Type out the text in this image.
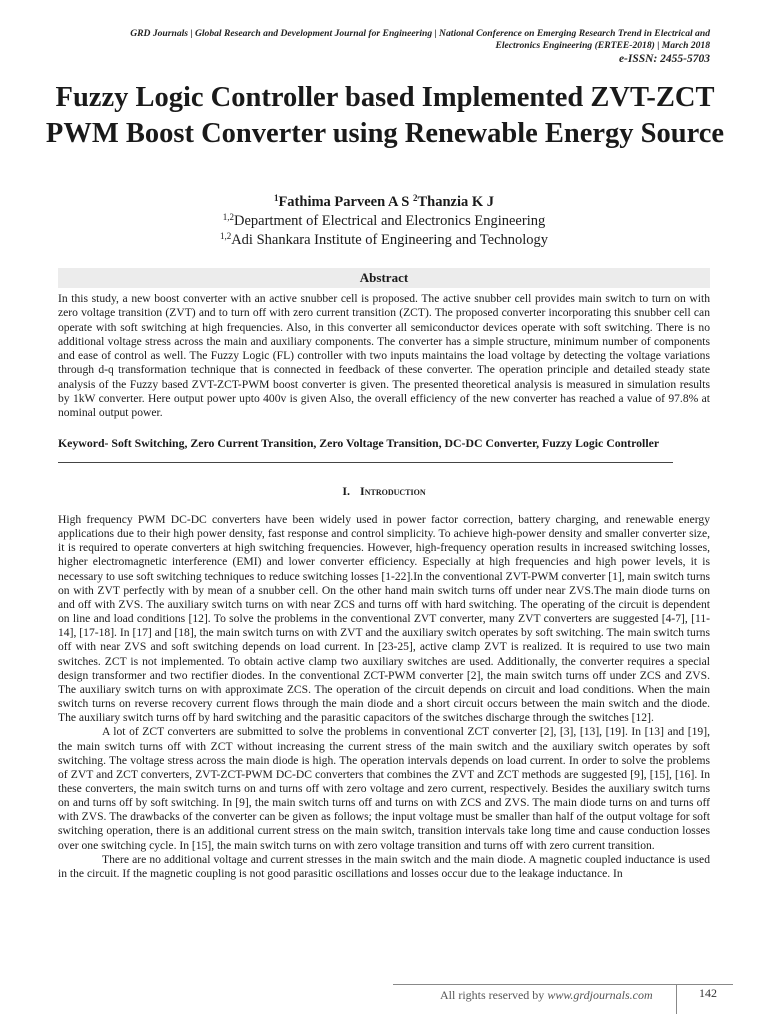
GRD Journals | Global Research and Development Journal for Engineering | National Conference on Emerging Research Trend in Electrical and
Electronics Engineering (ERTEE-2018) | March 2018
e-ISSN: 2455-5703
Fuzzy Logic Controller based Implemented ZVT-ZCT PWM Boost Converter using Renewable Energy Source
$^1$Fathima Parveen A S $^2$Thanzia K J
$^{1,2}$Department of Electrical and Electronics Engineering
$^{1,2}$Adi Shankara Institute of Engineering and Technology
Abstract

In this study, a new boost converter with an active snubber cell is proposed. The active snubber cell provides main switch to turn on with zero voltage transition (ZVT) and to turn off with zero current transition (ZCT). The proposed converter incorporating this snubber cell can operate with soft switching at high frequencies. Also, in this converter all semiconductor devices operate with soft switching. There is no additional voltage stress across the main and auxiliary components. The converter has a simple structure, minimum number of components and ease of control as well. The Fuzzy Logic (FL) controller with two inputs maintains the load voltage by detecting the voltage variations through d-q transformation technique that is connected in feedback of these converter. The operation principle and detailed steady state analysis of the Fuzzy based ZVT-ZCT-PWM boost converter is given. The presented theoretical analysis is measured in simulation results by 1kW converter. Here output power upto 400v is given Also, the overall efficiency of the new converter has reached a value of 97.8% at nominal output power.

Keyword- Soft Switching, Zero Current Transition, Zero Voltage Transition, DC-DC Converter, Fuzzy Logic Controller
I. Introduction

High frequency PWM DC-DC converters have been widely used in power factor correction, battery charging, and renewable energy applications due to their high power density, fast response and control simplicity. To achieve high-power density and smaller converter size, it is required to operate converters at high switching frequencies. However, high-frequency operation results in increased switching losses, higher electromagnetic interference (EMI) and lower converter efficiency. Especially at high frequencies and high power levels, it is necessary to use soft switching techniques to reduce switching losses [1-22].In the conventional ZVT-PWM converter [1], main switch turns on with ZVT perfectly with by mean of a snubber cell. On the other hand main switch turns off under near ZVS.The main diode turns on and off with ZVS. The auxiliary switch turns on with near ZCS and turns off with hard switching. The operating of the circuit is dependent on line and load conditions [12]. To solve the problems in the conventional ZVT converter, many ZVT converters are suggested [4-7], [11-14], [17-18]. In [17] and [18], the main switch turns on with ZVT and the auxiliary switch operates by soft switching. The main switch turns off with near ZVS and soft switching depends on load current. In [23-25], active clamp ZVT is realized. It is required to use two main switches. ZCT is not implemented. To obtain active clamp two auxiliary switches are used. Additionally, the converter requires a special design transformer and two rectifier diodes. In the conventional ZCT-PWM converter [2], the main switch turns off under ZCS and ZVS. The auxiliary switch turns on with approximate ZCS. The operation of the circuit depends on circuit and load conditions. When the main switch turns on reverse recovery current flows through the main diode and a short circuit occurs between the main switch and the diode. The auxiliary switch turns off by hard switching and the parasitic capacitors of the switches discharge through the switches [12].

A lot of ZCT converters are submitted to solve the problems in conventional ZCT converter [2], [3], [13], [19]. In [13] and [19], the main switch turns off with ZCT without increasing the current stress of the main switch and the auxiliary switch operates by soft switching. The voltage stress across the main diode is high. The operation intervals depends on load current. In order to solve the problems of ZVT and ZCT converters, ZVT-ZCT-PWM DC-DC converters that combines the ZVT and ZCT methods are suggested [9], [15], [16]. In these converters, the main switch turns on and turns off with zero voltage and zero current, respectively. Besides the auxiliary switch turns on and turns off by soft switching. In [9], the main switch turns off and turns on with ZCS and ZVS. The main diode turns on and turns off with ZVS. The drawbacks of the converter can be given as follows; the input voltage must be smaller than half of the output voltage for soft switching operation, there is an additional current stress on the main switch, transition intervals take long time and cause conduction losses over one switching cycle. In [15], the main switch turns on with zero voltage transition and turns off with zero current transition.

There are no additional voltage and current stresses in the main switch and the main diode. A magnetic coupled inductance is used in the circuit. If the magnetic coupling is not good parasitic oscillations and losses occur due to the leakage inductance. In

All rights reserved by www.grdjournals.com	142
